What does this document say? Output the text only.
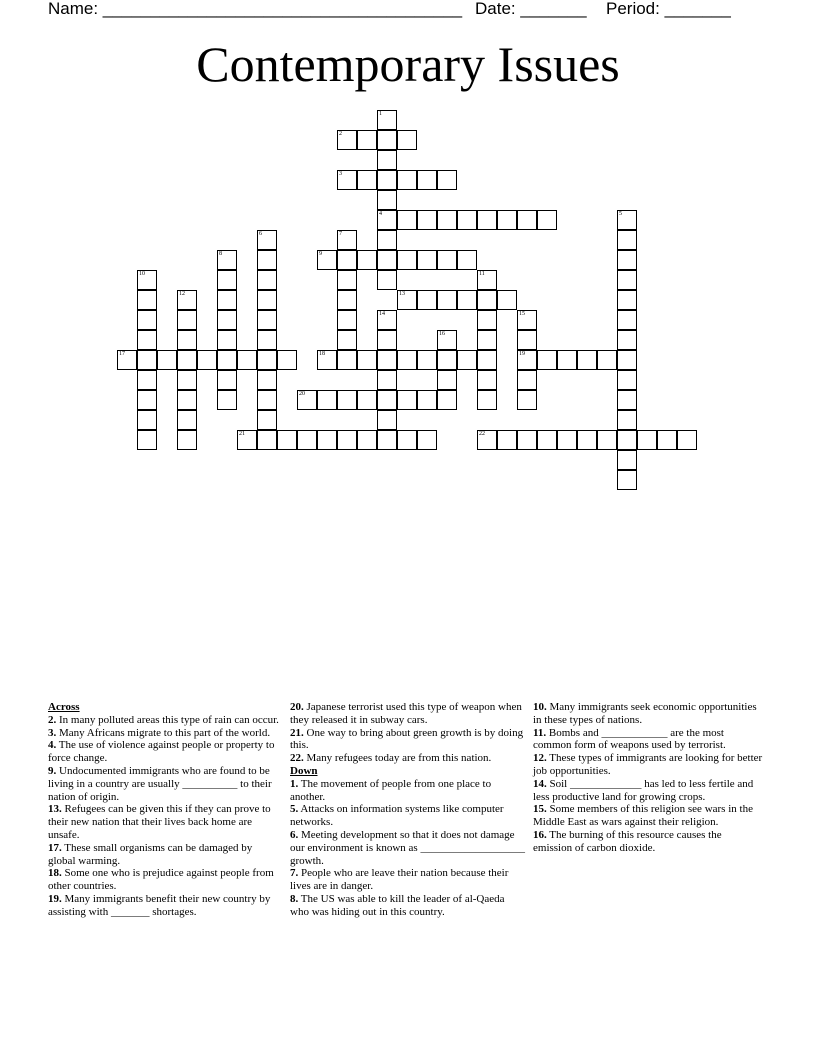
Name: ______________________________________ Date: _______ Period: _______
Contemporary Issues
1
4
2
3
5
6	7
8	9
10	11
12	13
14	15
19
16
17	18
20
21	22

Across

2. In many polluted areas this type of rain can occur.

3. Many Africans migrate to this part of the world.

4. The use of violence against people or property to force change.

9. Undocumented immigrants who are found to be living in a country are usually __________ to their nation of origin.

13. Refugees can be given this if they can prove to their new nation that their lives back home are unsafe.

17. These small organisms can be damaged by global warming.

18. Some one who is prejudice against people from other countries.

19. Many immigrants benefit their new country by assisting with _______ shortages.

20. Japanese terrorist used this type of weapon when they released it in subway cars.

21. One way to bring about green growth is by doing this.

22. Many refugees today are from this nation.

Down

1. The movement of people from one place to another.

5. Attacks on information systems like computer networks.

6. Meeting development so that it does not damage our environment is known as ___________________ growth.

7. People who are leave their nation because their lives are in danger.

8. The US was able to kill the leader of al-Qaeda who was hiding out in this country.

10. Many immigrants seek economic opportunities in these types of nations.

11. Bombs and ____________ are the most common form of weapons used by terrorist.

12. These types of immigrants are looking for better job opportunities.

14. Soil _____________ has led to less fertile and less productive land for growing crops.

15. Some members of this religion see wars in the Middle East as wars against their religion.

16. The burning of this resource causes the emission of carbon dioxide.
